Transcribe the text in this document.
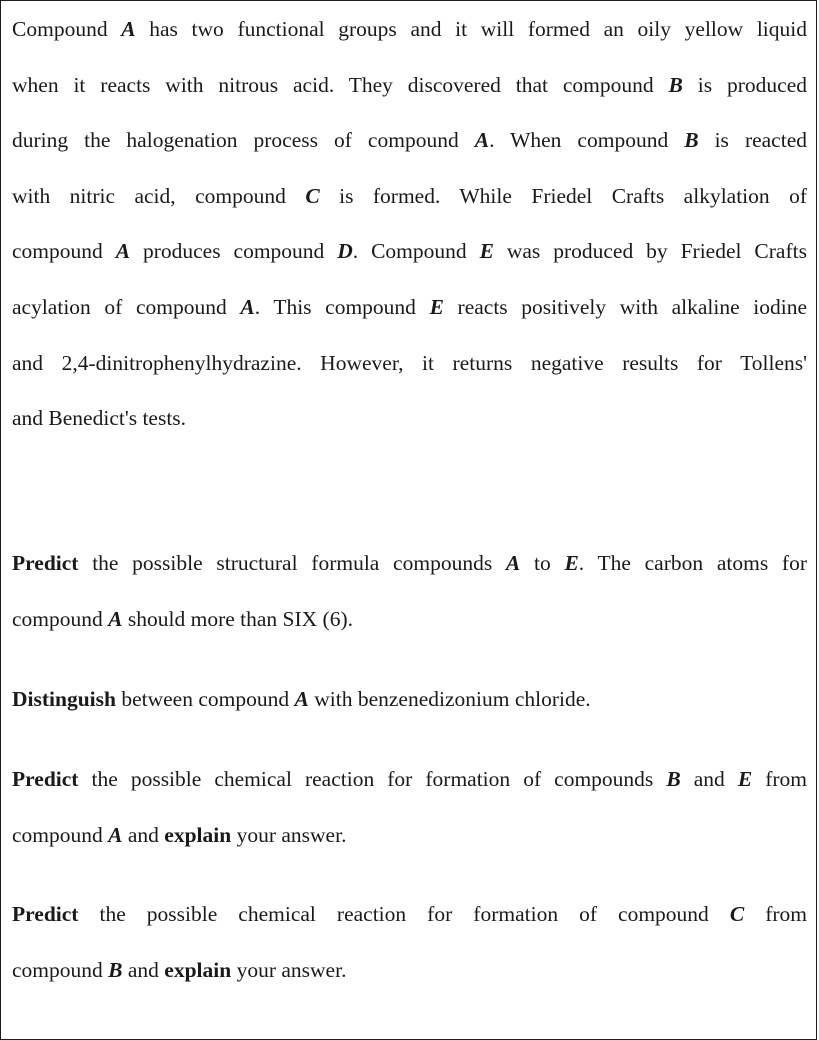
Compound A has two functional groups and it will formed an oily yellow liquid
when it reacts with nitrous acid. They discovered that compound B is produced
during the halogenation process of compound A. When compound B is reacted
with nitric acid, compound C is formed. While Friedel Crafts alkylation of
compound A produces compound D. Compound E was produced by Friedel Crafts
acylation of compound A. This compound E reacts positively with alkaline iodine
and 2,4-dinitrophenylhydrazine. However, it returns negative results for Tollens'
and Benedict's tests.
Predict the possible structural formula compounds A to E. The carbon atoms for
compound A should more than SIX (6).
Distinguish between compound A with benzenedizonium chloride.
Predict the possible chemical reaction for formation of compounds B and E from
compound A and explain your answer.
Predict the possible chemical reaction for formation of compound C from
compound B and explain your answer.
